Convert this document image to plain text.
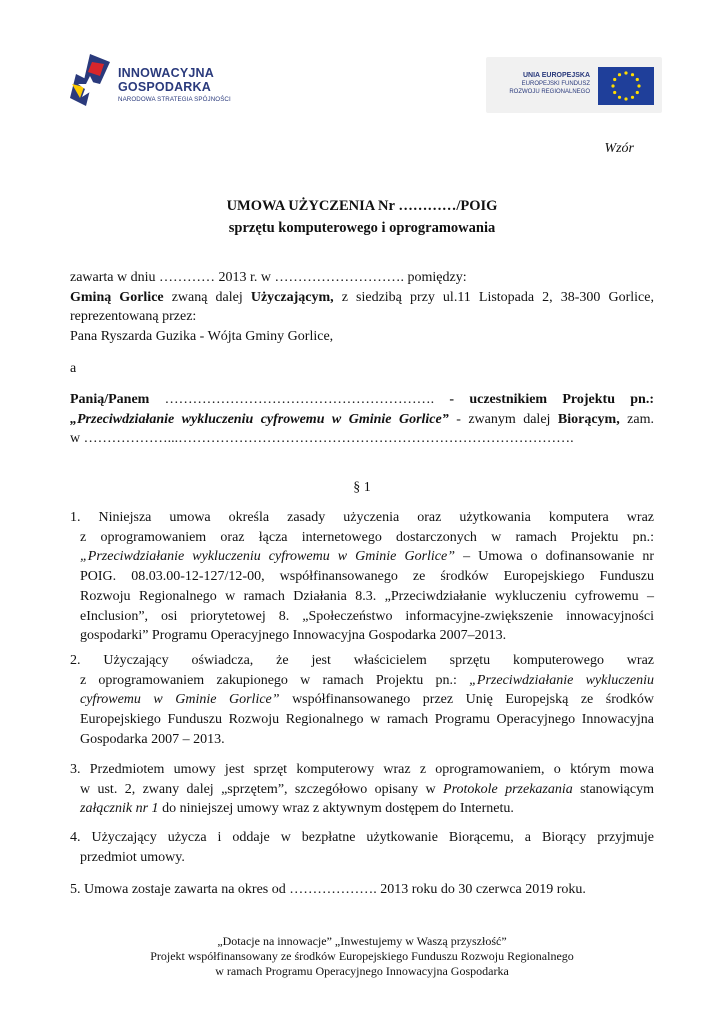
INNOWACYJNA
GOSPODARKA
NARODOWA STRATEGIA SPÓJNOŚCI
UNIA EUROPEJSKA
EUROPEJSKI FUNDUSZ
ROZWOJU REGIONALNEGO
Wzór
UMOWA UŻYCZENIA Nr …………/POIG
sprzętu komputerowego i oprogramowania
zawarta w dniu ………… 2013 r. w ………………………. pomiędzy:
Gminą Gorlice zwaną dalej Użyczającym, z siedzibą przy ul.11 Listopada 2, 38-300 Gorlice,
reprezentowaną przez:
Pana Ryszarda Guzika - Wójta Gminy Gorlice,
a
Panią/Panem …………………………………………………. - uczestnikiem Projektu pn.:
„Przeciwdziałanie wykluczeniu cyfrowemu w Gminie Gorlice” - zwanym dalej Biorącym, zam.
w ………………...………………………………………………………………………….
§ 1
1. Niniejsza umowa określa zasady użyczenia oraz użytkowania komputera wraz
z oprogramowaniem oraz łącza internetowego dostarczonych w ramach Projektu pn.:
„Przeciwdziałanie wykluczeniu cyfrowemu w Gminie Gorlice” – Umowa o dofinansowanie nr
POIG. 08.03.00-12-127/12-00, współfinansowanego ze środków Europejskiego Funduszu
Rozwoju Regionalnego w ramach Działania 8.3. „Przeciwdziałanie wykluczeniu cyfrowemu –
eInclusion”, osi priorytetowej 8. „Społeczeństwo informacyjne-zwiększenie innowacyjności
gospodarki” Programu Operacyjnego Innowacyjna Gospodarka 2007–2013.
2. Użyczający oświadcza, że jest właścicielem sprzętu komputerowego wraz
z oprogramowaniem zakupionego w ramach Projektu pn.: „Przeciwdziałanie wykluczeniu
cyfrowemu w Gminie Gorlice” współfinansowanego przez Unię Europejską ze środków
Europejskiego Funduszu Rozwoju Regionalnego w ramach Programu Operacyjnego Innowacyjna
Gospodarka 2007 – 2013.
3. Przedmiotem umowy jest sprzęt komputerowy wraz z oprogramowaniem, o którym mowa
w ust. 2, zwany dalej „sprzętem”, szczegółowo opisany w Protokole przekazania stanowiącym
załącznik nr 1 do niniejszej umowy wraz z aktywnym dostępem do Internetu.
4. Użyczający użycza i oddaje w bezpłatne użytkowanie Biorącemu, a Biorący przyjmuje
przedmiot umowy.
5. Umowa zostaje zawarta na okres od ………………. 2013 roku do 30 czerwca 2019 roku.
„Dotacje na innowacje” „Inwestujemy w Waszą przyszłość”
Projekt współfinansowany ze środków Europejskiego Funduszu Rozwoju Regionalnego
w ramach Programu Operacyjnego Innowacyjna Gospodarka
